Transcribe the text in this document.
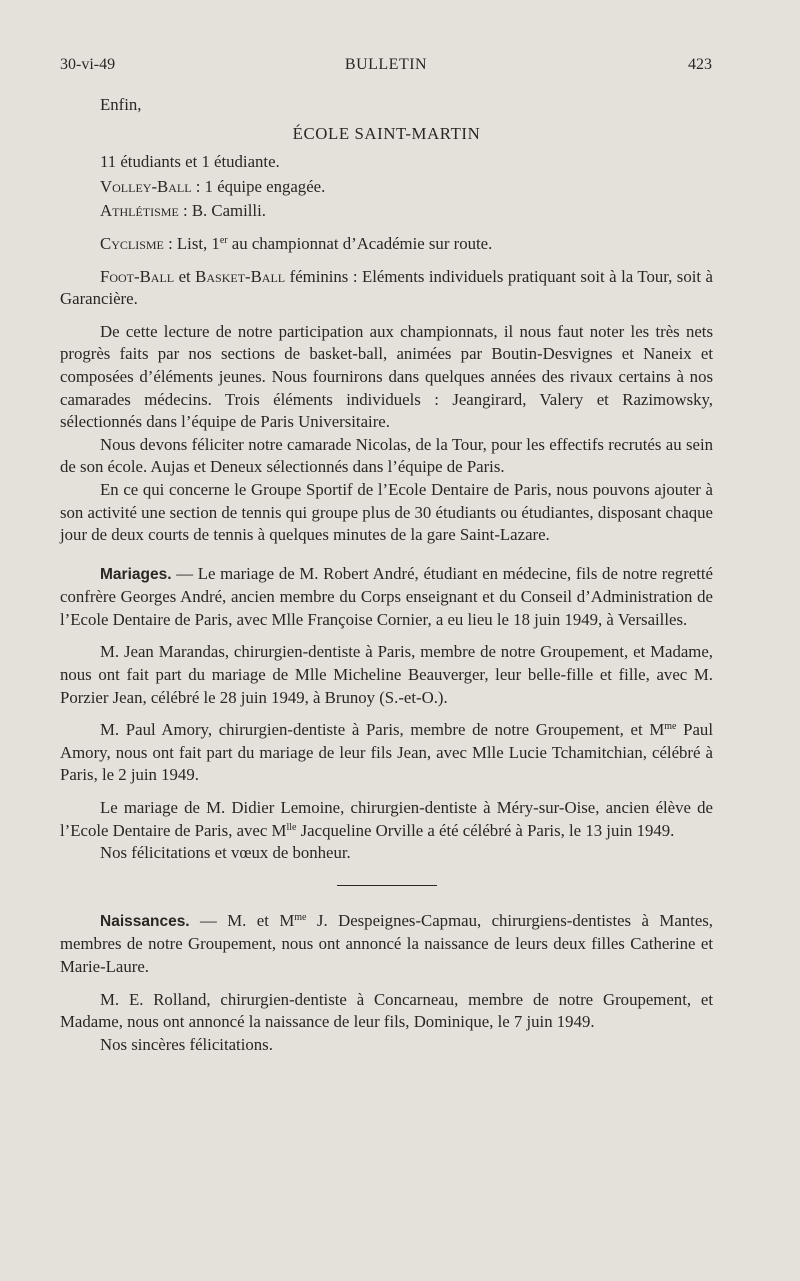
30-vi-49	BULLETIN	423

Enfin,

ÉCOLE SAINT-MARTIN

11 étudiants et 1 étudiante.

Volley-Ball : 1 équipe engagée.

Athlétisme : B. Camilli.

Cyclisme : List, 1er au championnat d’Académie sur route.

Foot-Ball et Basket-Ball féminins : Eléments individuels pratiquant soit à la Tour, soit à Garancière.

De cette lecture de notre participation aux championnats, il nous faut noter les très nets progrès faits par nos sections de basket-ball, animées par Boutin-Desvignes et Naneix et composées d’éléments jeunes. Nous fournirons dans quelques années des rivaux certains à nos camarades médecins. Trois éléments individuels : Jeangirard, Valery et Razimowsky, sélectionnés dans l’équipe de Paris Universitaire.

Nous devons féliciter notre camarade Nicolas, de la Tour, pour les effectifs recrutés au sein de son école. Aujas et Deneux sélectionnés dans l’équipe de Paris.

En ce qui concerne le Groupe Sportif de l’Ecole Dentaire de Paris, nous pouvons ajouter à son activité une section de tennis qui groupe plus de 30 étudiants ou étudiantes, disposant chaque jour de deux courts de tennis à quelques minutes de la gare Saint-Lazare.

Mariages. — Le mariage de M. Robert André, étudiant en médecine, fils de notre regretté confrère Georges André, ancien membre du Corps enseignant et du Conseil d’Administration de l’Ecole Dentaire de Paris, avec Mlle Françoise Cornier, a eu lieu le 18 juin 1949, à Versailles.

M. Jean Marandas, chirurgien-dentiste à Paris, membre de notre Groupement, et Madame, nous ont fait part du mariage de Mlle Micheline Beauverger, leur belle-fille et fille, avec M. Porzier Jean, célébré le 28 juin 1949, à Brunoy (S.-et-O.).

M. Paul Amory, chirurgien-dentiste à Paris, membre de notre Groupement, et $M^{me}$ Paul Amory, nous ont fait part du mariage de leur fils Jean, avec Mlle Lucie Tchamitchian, célébré à Paris, le 2 juin 1949.

Le mariage de M. Didier Lemoine, chirurgien-dentiste à Méry-sur-Oise, ancien élève de l’Ecole Dentaire de Paris, avec $M^{lle}$ Jacqueline Orville a été célébré à Paris, le 13 juin 1949.

Nos félicitations et vœux de bonheur.

Naissances. — M. et $M^{me}$ J. Despeignes-Capmau, chirurgiens-dentistes à Mantes, membres de notre Groupement, nous ont annoncé la naissance de leurs deux filles Catherine et Marie-Laure.

M. E. Rolland, chirurgien-dentiste à Concarneau, membre de notre Groupement, et Madame, nous ont annoncé la naissance de leur fils, Dominique, le 7 juin 1949.

Nos sincères félicitations.
